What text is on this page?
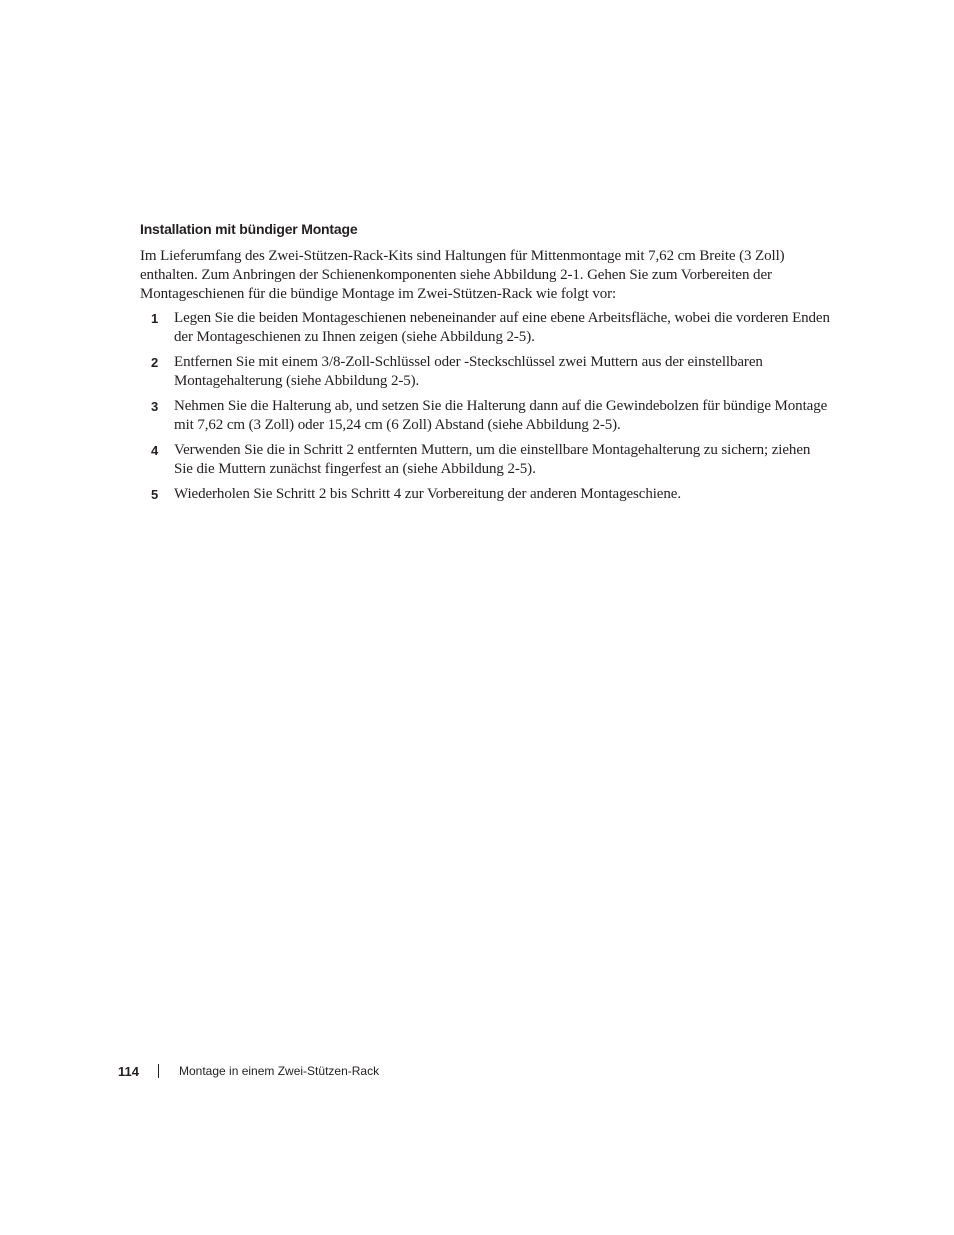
Installation mit bündiger Montage

Im Lieferumfang des Zwei-Stützen-Rack-Kits sind Haltungen für Mittenmontage mit 7,62 cm Breite (3 Zoll) enthalten. Zum Anbringen der Schienenkomponenten siehe Abbildung 2-1. Gehen Sie zum Vorbereiten der Montageschienen für die bündige Montage im Zwei-Stützen-Rack wie folgt vor:

1 Legen Sie die beiden Montageschienen nebeneinander auf eine ebene Arbeitsfläche, wobei die vorderen Enden der Montageschienen zu Ihnen zeigen (siehe Abbildung 2-5).
2 Entfernen Sie mit einem 3/8-Zoll-Schlüssel oder -Steckschlüssel zwei Muttern aus der einstellbaren Montagehalterung (siehe Abbildung 2-5).
3 Nehmen Sie die Halterung ab, und setzen Sie die Halterung dann auf die Gewindebolzen für bündige Montage mit 7,62 cm (3 Zoll) oder 15,24 cm (6 Zoll) Abstand (siehe Abbildung 2-5).
4 Verwenden Sie die in Schritt 2 entfernten Muttern, um die einstellbare Montagehalterung zu sichern; ziehen Sie die Muttern zunächst fingerfest an (siehe Abbildung 2-5).
5 Wiederholen Sie Schritt 2 bis Schritt 4 zur Vorbereitung der anderen Montageschiene.
114	Montage in einem Zwei-Stützen-Rack
